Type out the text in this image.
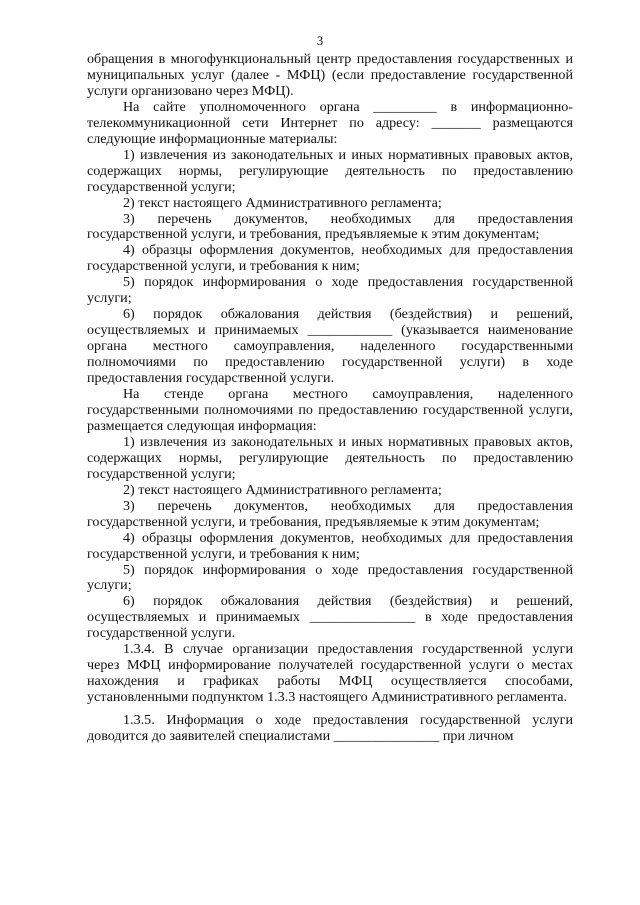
3

обращения в многофункциональный центр предоставления государственных и муниципальных услуг (далее - МФЦ) (если предоставление государственной услуги организовано через МФЦ).

На сайте уполномоченного органа _________ в информационно-телекоммуникационной сети Интернет по адресу: _______ размещаются следующие информационные материалы:

1) извлечения из законодательных и иных нормативных правовых актов, содержащих нормы, регулирующие деятельность по предоставлению государственной услуги;

2) текст настоящего Административного регламента;

3) перечень документов, необходимых для предоставления государственной услуги, и требования, предъявляемые к этим документам;

4) образцы оформления документов, необходимых для предоставления государственной услуги, и требования к ним;

5) порядок информирования о ходе предоставления государственной услуги;

6) порядок обжалования действия (бездействия) и решений, осуществляемых и принимаемых ____________ (указывается наименование органа местного самоуправления, наделенного государственными полномочиями по предоставлению государственной услуги) в ходе предоставления государственной услуги.

На стенде органа местного самоуправления, наделенного государственными полномочиями по предоставлению государственной услуги, размещается следующая информация:

1) извлечения из законодательных и иных нормативных правовых актов, содержащих нормы, регулирующие деятельность по предоставлению государственной услуги;

2) текст настоящего Административного регламента;

3) перечень документов, необходимых для предоставления государственной услуги, и требования, предъявляемые к этим документам;

4) образцы оформления документов, необходимых для предоставления государственной услуги, и требования к ним;

5) порядок информирования о ходе предоставления государственной услуги;

6) порядок обжалования действия (бездействия) и решений, осуществляемых и принимаемых _______________ в ходе предоставления государственной услуги.

1.3.4. В случае организации предоставления государственной услуги через МФЦ информирование получателей государственной услуги о местах нахождения и графиках работы МФЦ осуществляется способами, установленными подпунктом 1.3.3 настоящего Административного регламента.

1.3.5. Информация о ходе предоставления государственной услуги доводится до заявителей специалистами _______________ при личном
